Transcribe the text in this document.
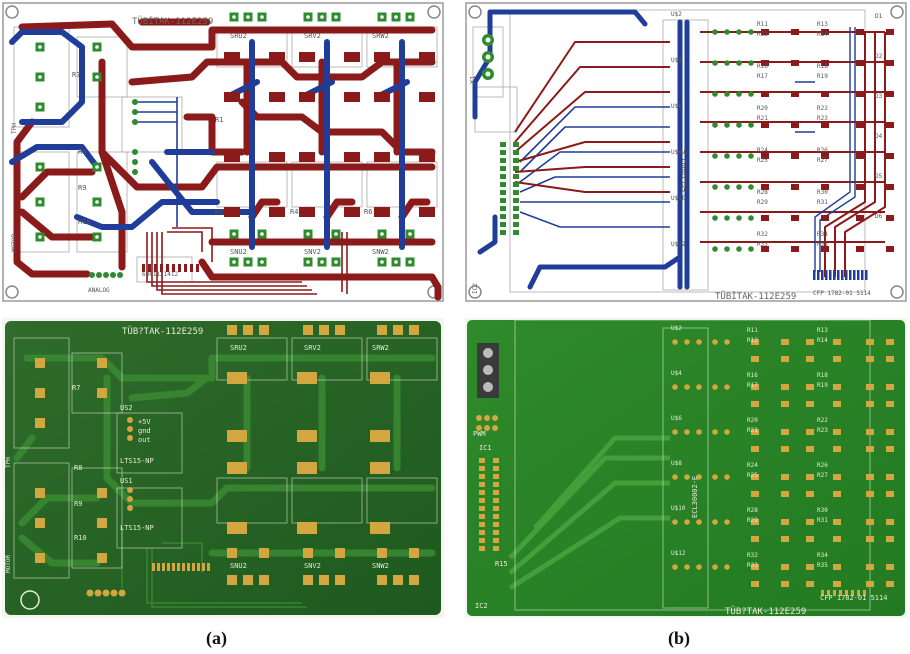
TÜBİTAK-112E259
SRU2	SRV2	SRW2
SNU2	SNV2	SNW2
R7
R8
R9
R10
R1
R2	R4	R6
6861121412
ANALOG
TPH
MOTOR
TÜBİTAK-112E259
ECLT0002-E
X1
IC2	CFP 1782-01 5114
R11
R12
R13
R14
R16
R17
R18
R19
R20
R21
R22
R23
R24
R25
R26
R27
R28
R29
R30
R31
R32
R33
R34
R35
U$2
U$4
U$6
U$8
U$10
U$12
D1
D2
D3
D4
D5
D6
TÜB?TAK-112E259
SRU2	SRV2	SRW2
SNU2	SNV2	SNW2
R7
R8
R9
R10
US2
US1
LTS15-NP
LTS15-NP
+5V
gnd
out
TPH
MOTOR
TÜB?TAK-112E259
ECL30002-E
CFP 1782-01 5114
PWM
IC1
R15
IC2
U$2
U$4
U$6
U$8
U$10
U$12
R11
R12
R13
R14
R16
R17
R18
R19
R20
R21
R22
R23
R24
R25
R26
R27
R28
R29
R30
R31
R32
R33
R34
R35
(a)	(b)
